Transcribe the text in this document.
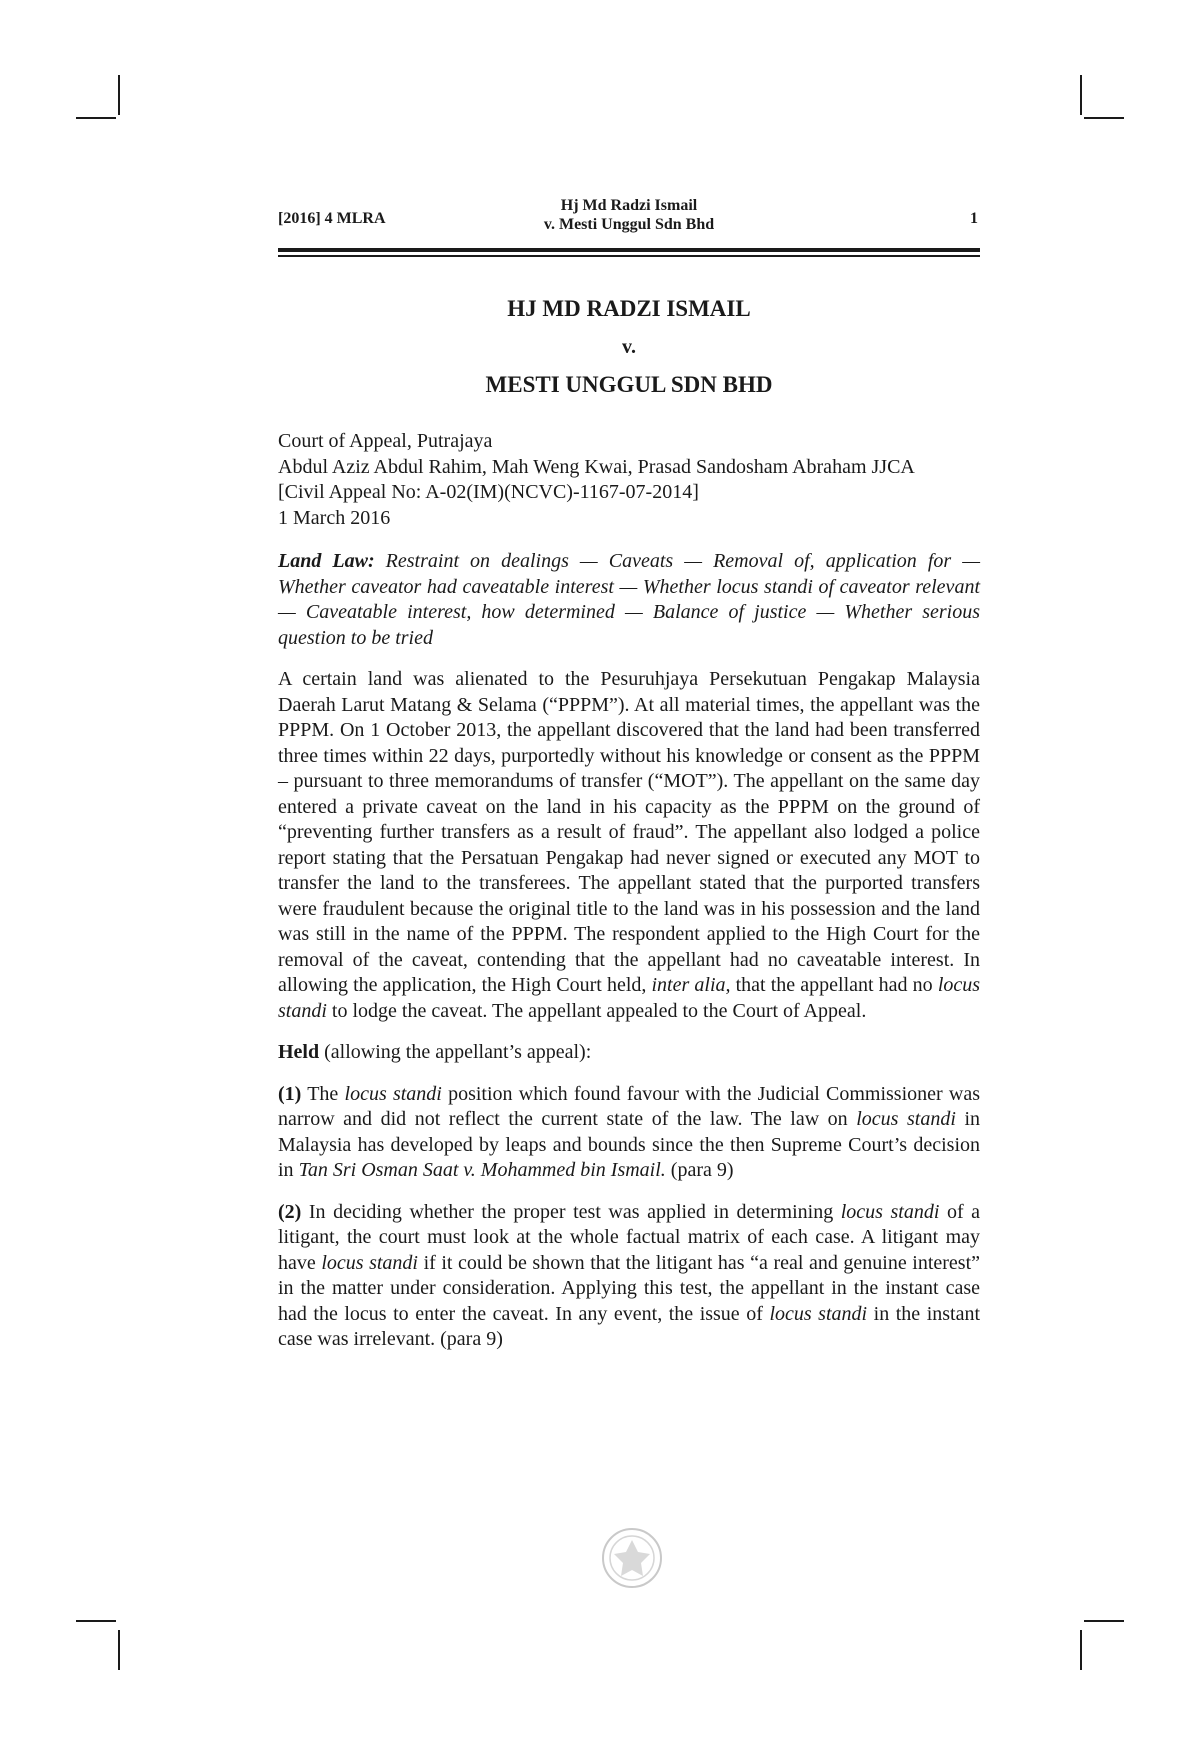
[2016] 4 MLRA
Hj Md Radzi Ismail
v. Mesti Unggul Sdn Bhd	1
HJ MD RADZI ISMAIL
v.
MESTI UNGGUL SDN BHD
Court of Appeal, Putrajaya
Abdul Aziz Abdul Rahim, Mah Weng Kwai, Prasad Sandosham Abraham JJCA
[Civil Appeal No: A-02(IM)(NCVC)-1167-07-2014]
1 March 2016
Land Law: Restraint on dealings — Caveats — Removal of, application for — Whether caveator had caveatable interest — Whether locus standi of caveator relevant — Caveatable interest, how determined — Balance of justice — Whether serious question to be tried

A certain land was alienated to the Pesuruhjaya Persekutuan Pengakap Malaysia Daerah Larut Matang & Selama (“PPPM”). At all material times, the appellant was the PPPM. On 1 October 2013, the appellant discovered that the land had been transferred three times within 22 days, purportedly without his knowledge or consent as the PPPM – pursuant to three memorandums of transfer (“MOT”). The appellant on the same day entered a private caveat on the land in his capacity as the PPPM on the ground of “preventing further transfers as a result of fraud”. The appellant also lodged a police report stating that the Persatuan Pengakap had never signed or executed any MOT to transfer the land to the transferees. The appellant stated that the purported transfers were fraudulent because the original title to the land was in his possession and the land was still in the name of the PPPM. The respondent applied to the High Court for the removal of the caveat, contending that the appellant had no caveatable interest. In allowing the application, the High Court held, inter alia, that the appellant had no locus standi to lodge the caveat. The appellant appealed to the Court of Appeal.

Held (allowing the appellant’s appeal):

(1) The locus standi position which found favour with the Judicial Commissioner was narrow and did not reflect the current state of the law. The law on locus standi in Malaysia has developed by leaps and bounds since the then Supreme Court’s decision in Tan Sri Osman Saat v. Mohammed bin Ismail. (para 9)

(2) In deciding whether the proper test was applied in determining locus standi of a litigant, the court must look at the whole factual matrix of each case. A litigant may have locus standi if it could be shown that the litigant has “a real and genuine interest” in the matter under consideration. Applying this test, the appellant in the instant case had the locus to enter the caveat. In any event, the issue of locus standi in the instant case was irrelevant. (para 9)
